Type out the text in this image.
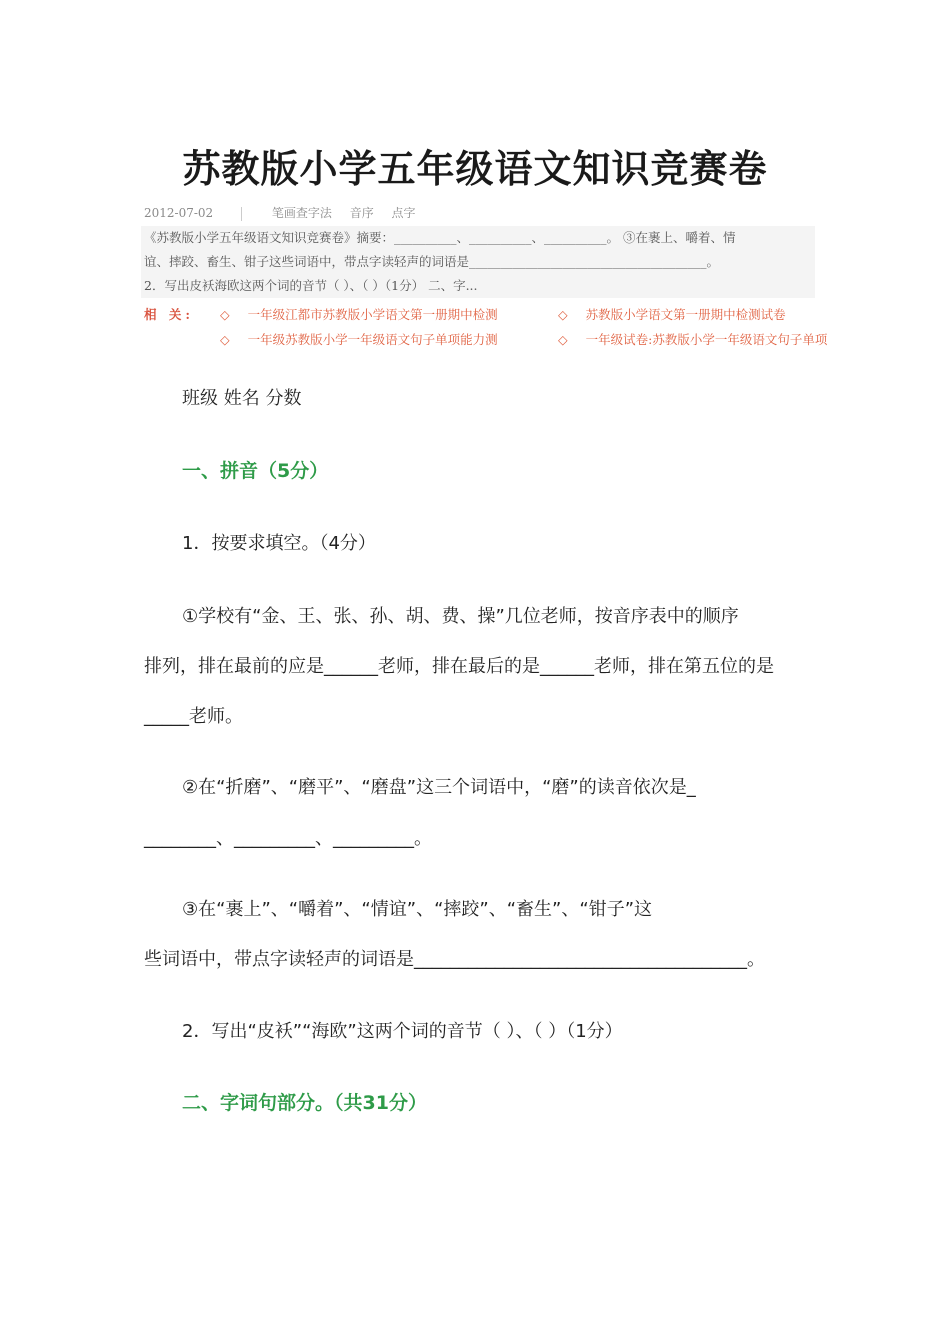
苏教版小学五年级语文知识竞赛卷
2012-07-02	笔画查字法 音序 点字

《苏教版小学五年级语文知识竞赛卷》摘要：__________、__________、__________。 ③在裹上、嚼着、情

谊、摔跤、畜生、钳子这些词语中，带点字读轻声的词语是______________________________________。

2．写出皮袄海欧这两个词的音节（ ）、（ ）（1分） 二、字...

相 关: ◇ 一年级江都市苏教版小学语文第一册期中检测	◇ 苏教版小学语文第一册期中检测试卷
◇ 一年级苏教版小学一年级语文句子单项能力测	◇ 一年级试卷:苏教版小学一年级语文句子单项
班级 姓名 分数
一、拼音（5分）
1．按要求填空。（4分）
①学校有“金、王、张、孙、胡、费、操”几位老师，按音序表中的顺序
排列，排在最前的应是______老师，排在最后的是______老师，排在第五位的是
_____老师。
②在“折磨”、“磨平”、“磨盘”这三个词语中，“磨”的读音依次是_
________、_________、_________。
③在“裹上”、“嚼着”、“情谊”、“摔跤”、“畜生”、“钳子”这
些词语中，带点字读轻声的词语是_____________________________________。
2．写出“皮袄”“海欧”这两个词的音节（ ）、（ ）（1分）
二、字词句部分。（共31分）
